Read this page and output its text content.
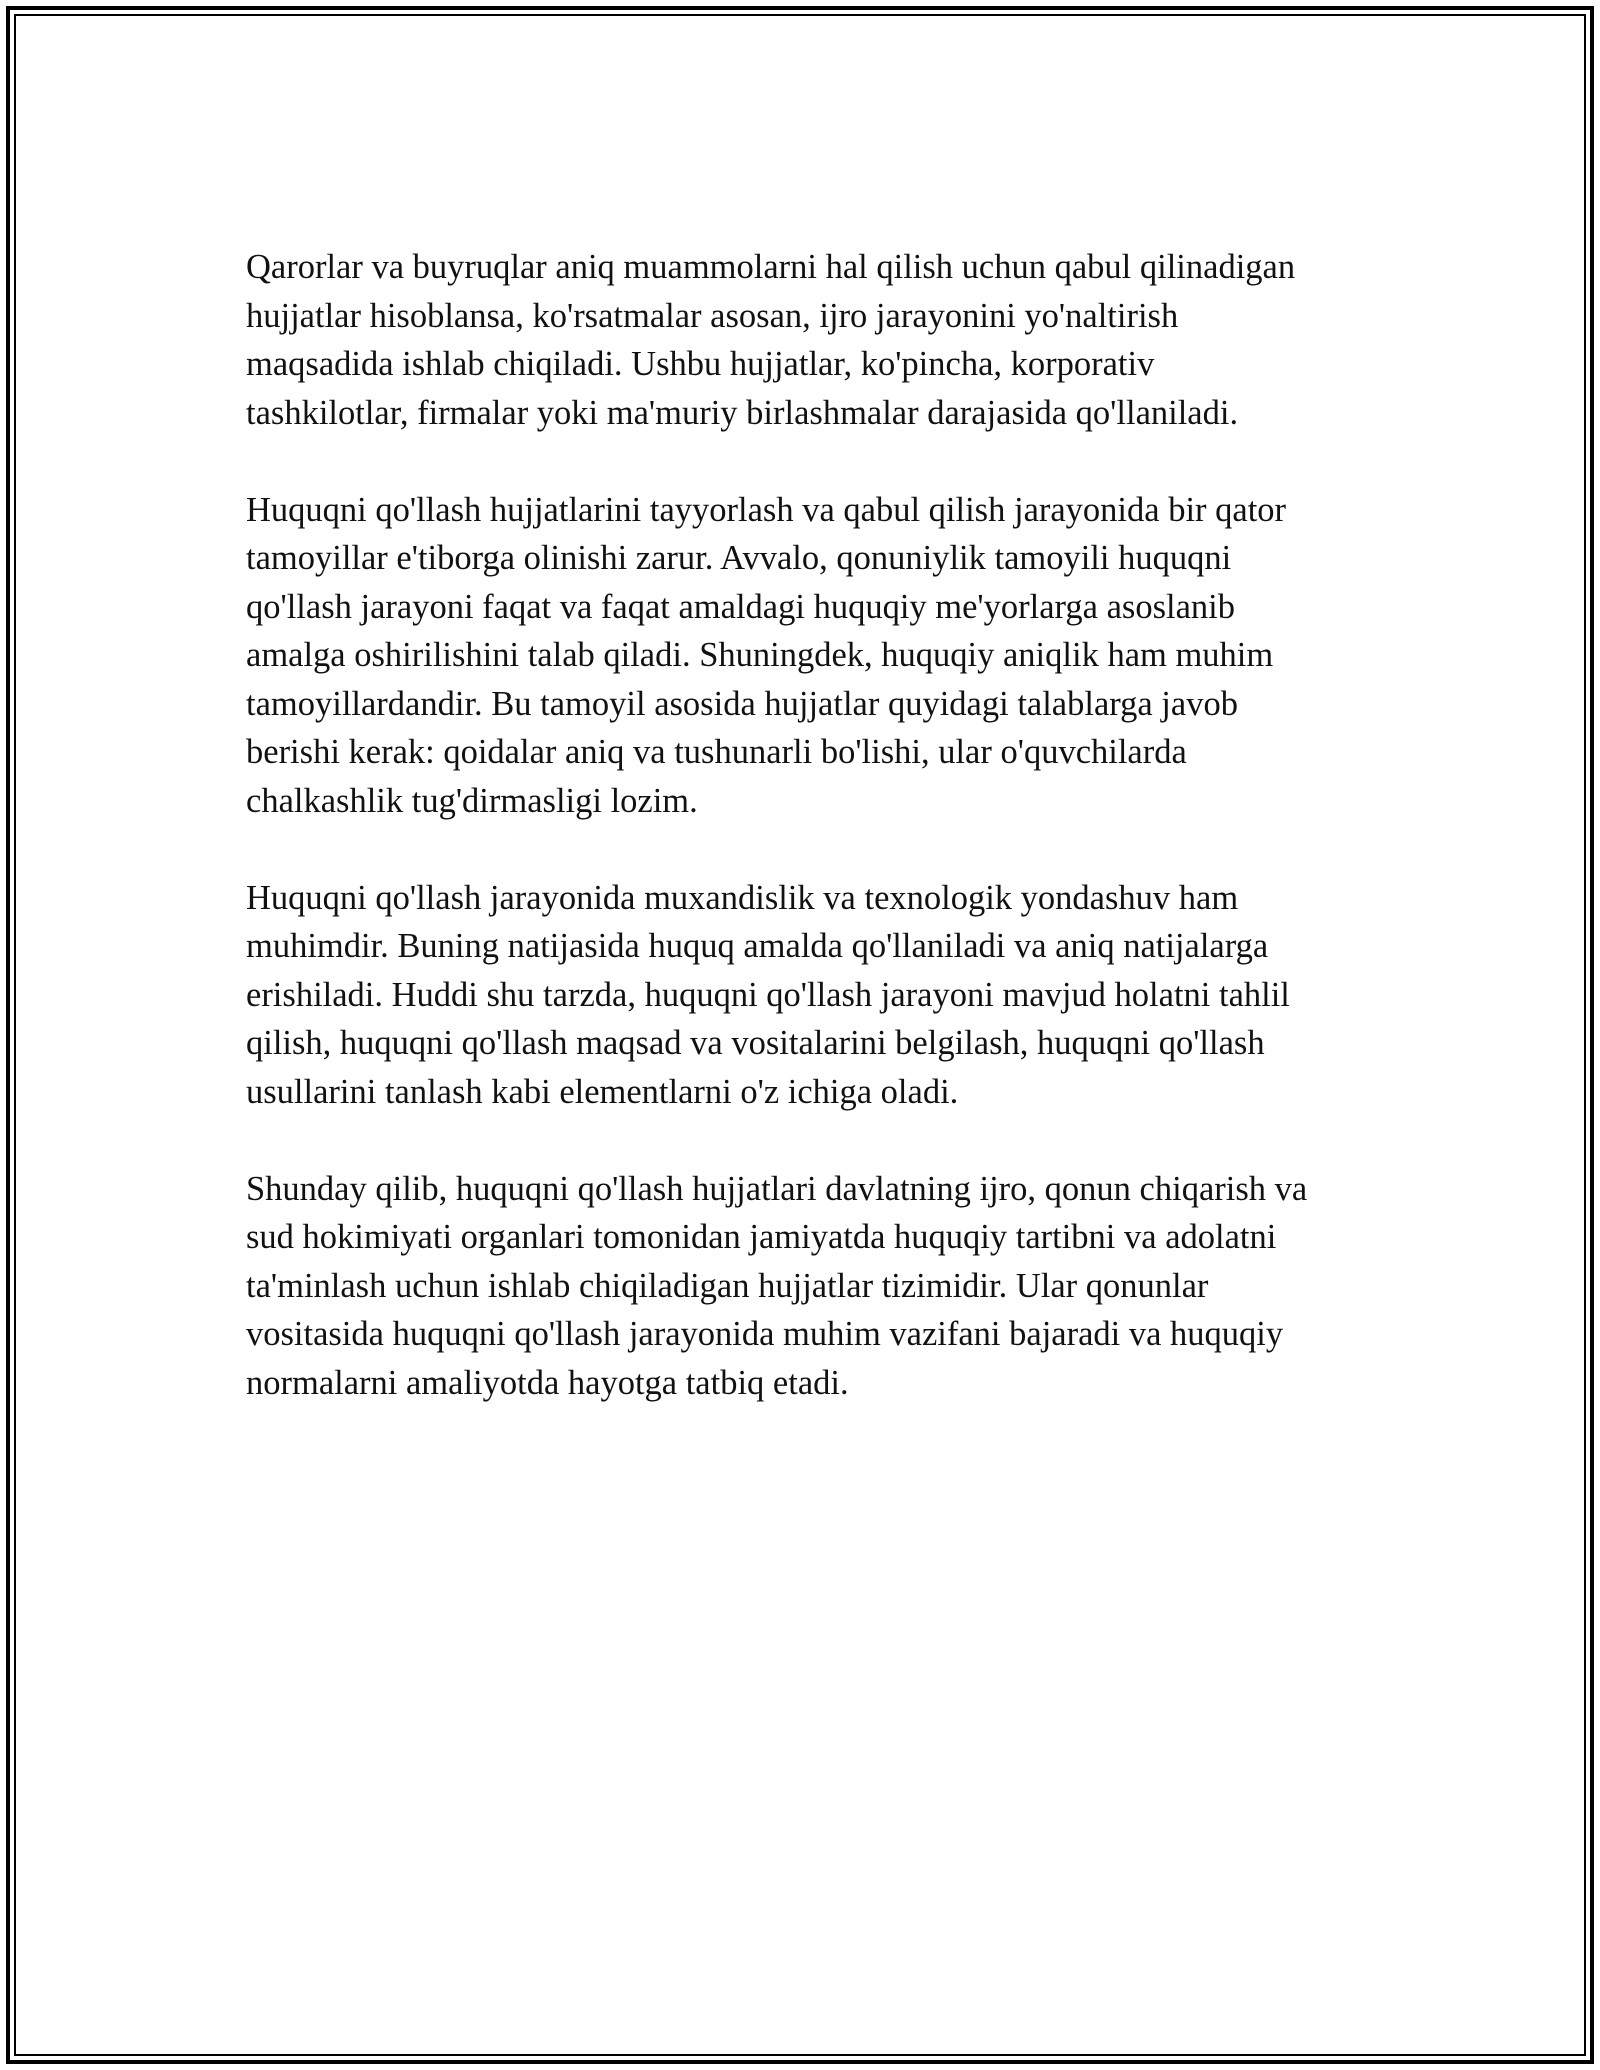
Qarorlar va buyruqlar aniq muammolarni hal qilish uchun qabul qilinadigan
hujjatlar hisoblansa, ko'rsatmalar asosan, ijro jarayonini yo'naltirish
maqsadida ishlab chiqiladi. Ushbu hujjatlar, ko'pincha, korporativ
tashkilotlar, firmalar yoki ma'muriy birlashmalar darajasida qo'llaniladi.

Huquqni qo'llash hujjatlarini tayyorlash va qabul qilish jarayonida bir qator
tamoyillar e'tiborga olinishi zarur. Avvalo, qonuniylik tamoyili huquqni
qo'llash jarayoni faqat va faqat amaldagi huquqiy me'yorlarga asoslanib
amalga oshirilishini talab qiladi. Shuningdek, huquqiy aniqlik ham muhim
tamoyillardandir. Bu tamoyil asosida hujjatlar quyidagi talablarga javob
berishi kerak: qoidalar aniq va tushunarli bo'lishi, ular o'quvchilarda
chalkashlik tug'dirmasligi lozim.

Huquqni qo'llash jarayonida muxandislik va texnologik yondashuv ham
muhimdir. Buning natijasida huquq amalda qo'llaniladi va aniq natijalarga
erishiladi. Huddi shu tarzda, huquqni qo'llash jarayoni mavjud holatni tahlil
qilish, huquqni qo'llash maqsad va vositalarini belgilash, huquqni qo'llash
usullarini tanlash kabi elementlarni o'z ichiga oladi.

Shunday qilib, huquqni qo'llash hujjatlari davlatning ijro, qonun chiqarish va
sud hokimiyati organlari tomonidan jamiyatda huquqiy tartibni va adolatni
ta'minlash uchun ishlab chiqiladigan hujjatlar tizimidir. Ular qonunlar
vositasida huquqni qo'llash jarayonida muhim vazifani bajaradi va huquqiy
normalarni amaliyotda hayotga tatbiq etadi.
